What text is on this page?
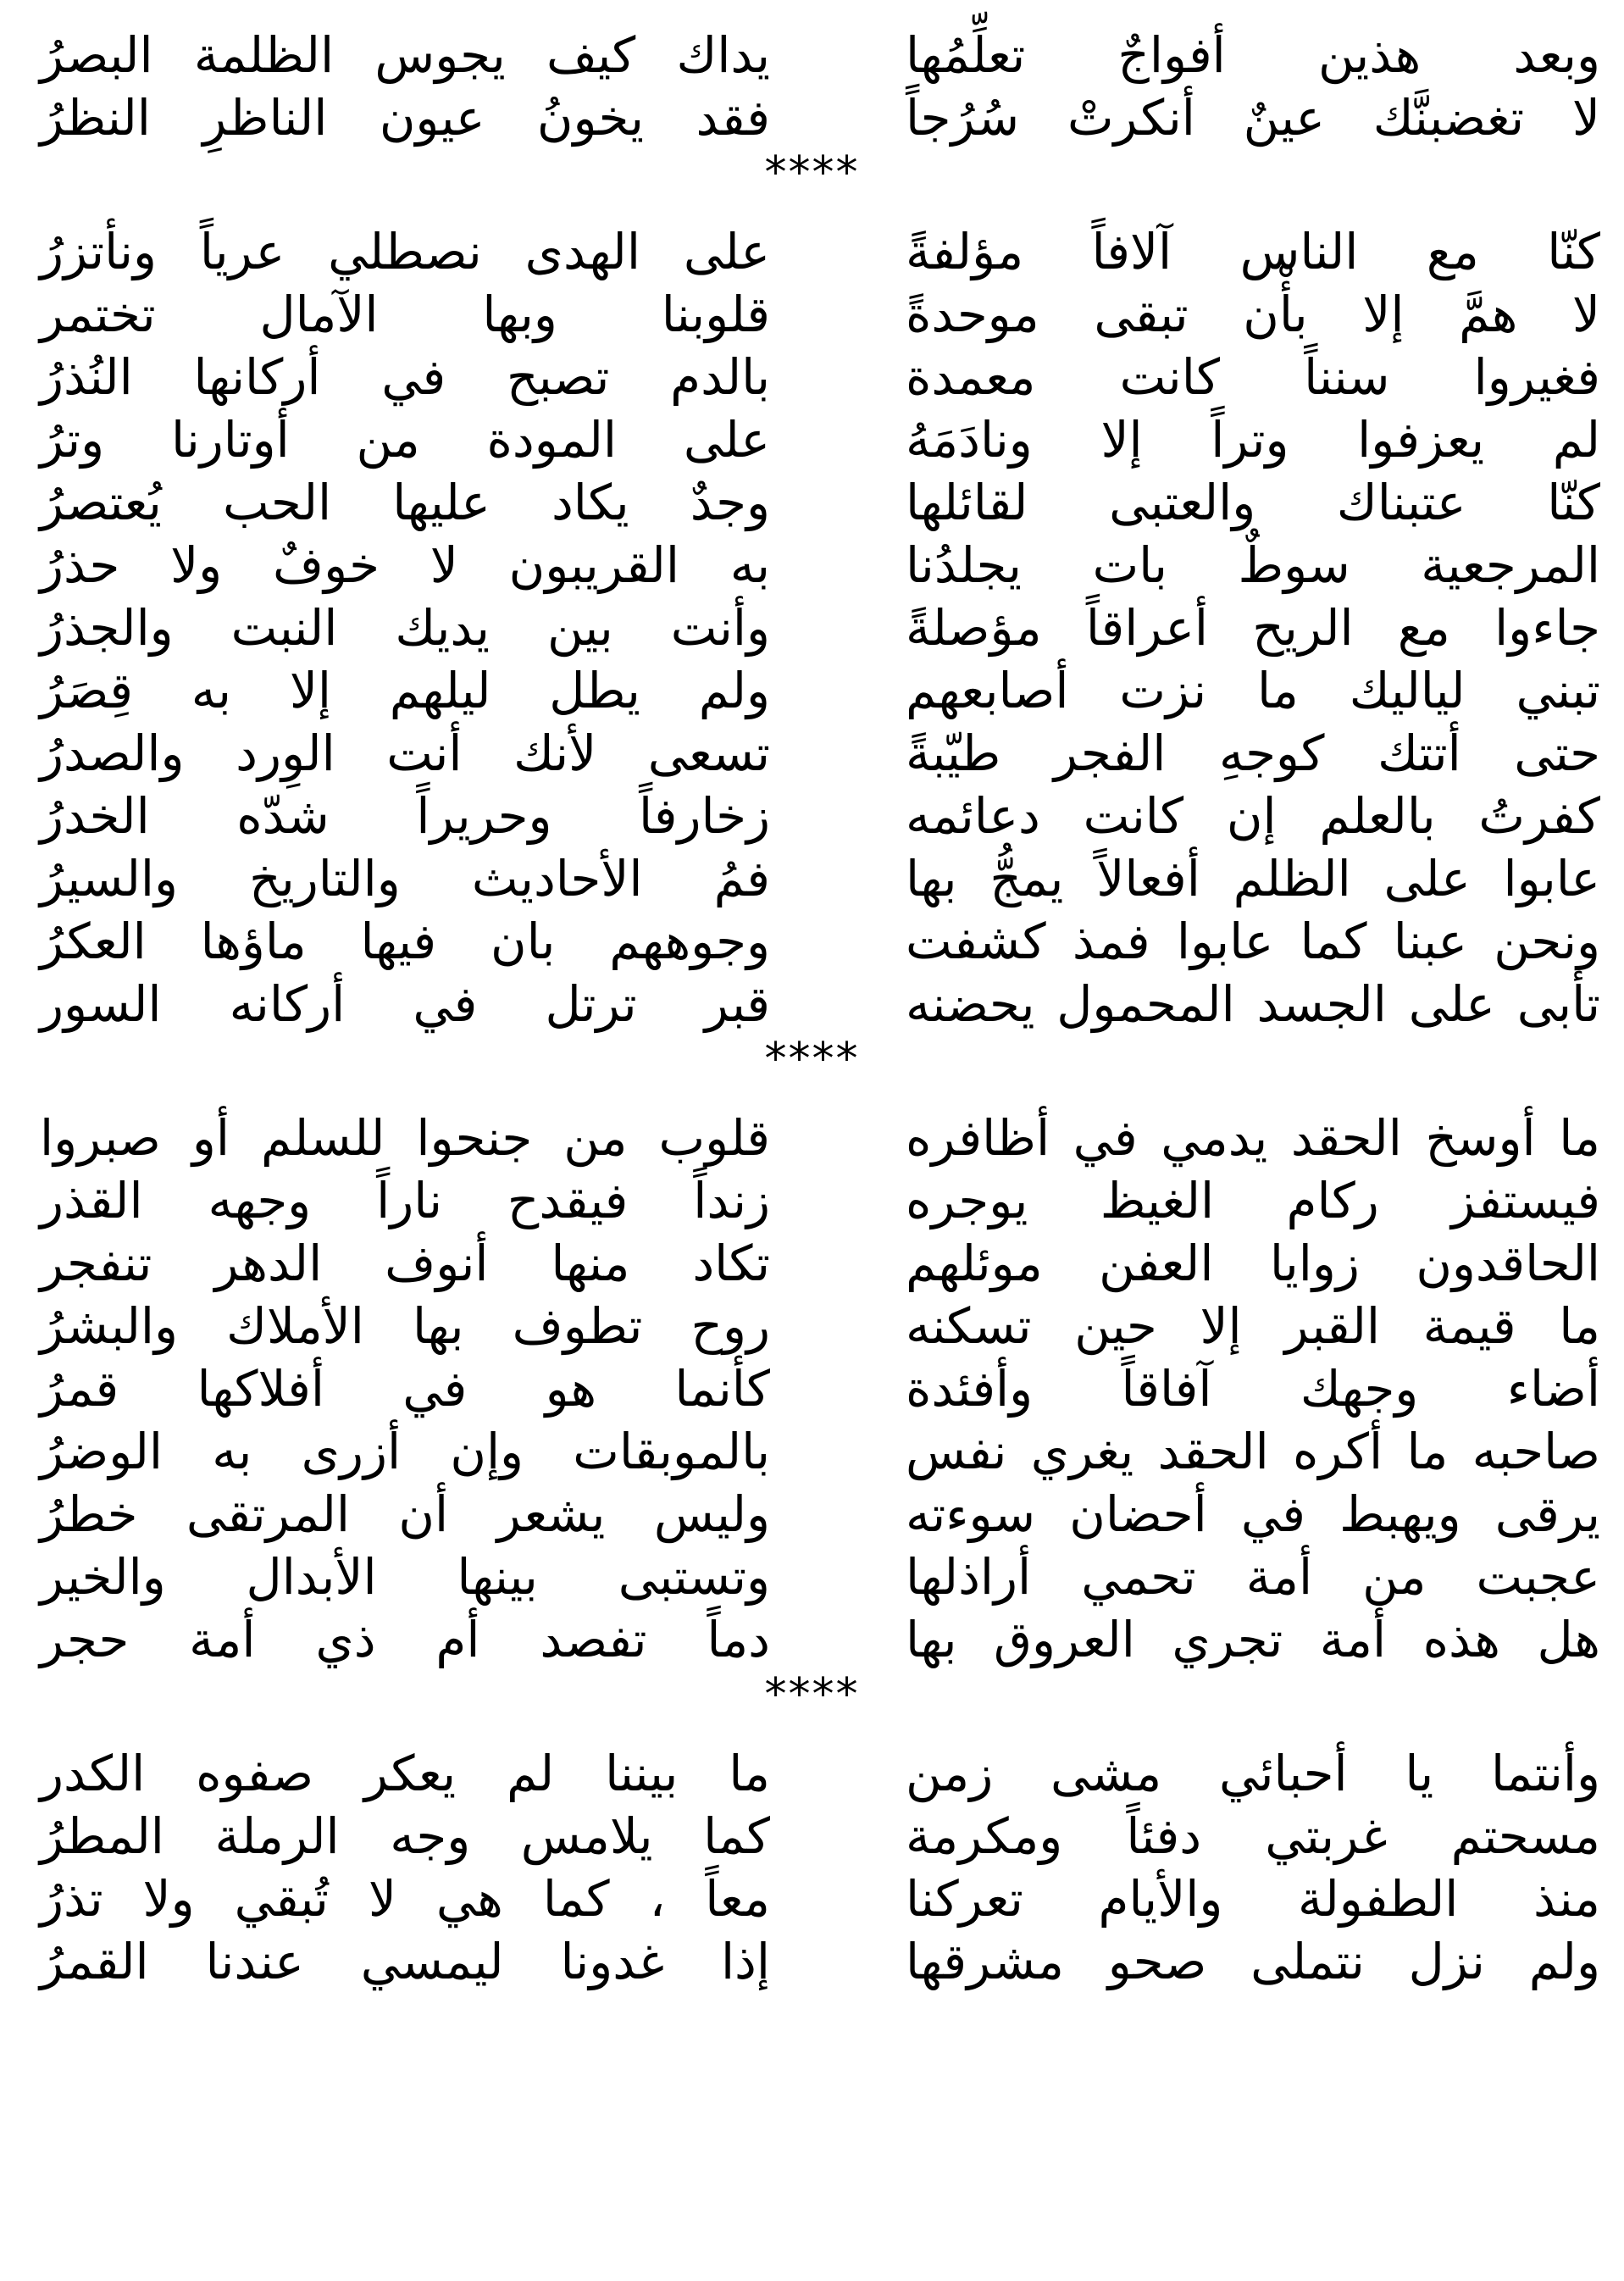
وبعد هذين أفواجٌ تعلِّمُها
يداك كيف يجوس الظلمة البصرُ
لا تغضبنَّك عينٌ أنكرتْ سُرُجاً
فقد يخونُ عيون الناظرِ النظرُ
****
كنّا مع الناس آلافاً مؤلفةً
على الهدى نصطلي عرياً ونأتزرُ
لا همَّ إلا بأْن تبقى موحدةً
قلوبنا وبها الآمال تختمر
فغيروا سنناً كانت معمدة
بالدم تصبح في أركانها النُذرُ
لم يعزفوا وتراً إلا ونادَمَهُ
على المودة من أوتارنا وترُ
كنّا عتبناك والعتبى لقائلها
وجدٌ يكاد عليها الحب يُعتصرُ
المرجعية سوطٌ بات يجلدُنا
به القريبون لا خوفٌ ولا حذرُ
جاءوا مع الريح أعراقاً مؤصلةً
وأنت بين يديك النبت والجذرُ
تبني لياليك ما نزت أصابعهم
ولم يطل ليلهم إلا به قِصَرُ
حتى أتتك كوجهِ الفجر طيّبةً
تسعى لأنك أنت الوِرد والصدرُ
كفرتُ بالعلم إن كانت دعائمه
زخارفاً وحريراً شدّه الخدرُ
عابوا على الظلم أفعالاً يمجُّ بها
فمُ الأحاديث والتاريخ والسيرُ
ونحن عبنا كما عابوا فمذ كشفت
وجوههم بان فيها ماؤها العكرُ
تأبى على الجسد المحمول يحضنه
قبر ترتل في أركانه السور
****
ما أوسخ الحقد يدمي في أظافره
قلوب من جنحوا للسلم أو صبروا
فيستفز ركام الغيظ يوجره
زنداً فيقدح ناراً وجهه القذر
الحاقدون زوايا العفن موئلهم
تكاد منها أنوف الدهر تنفجر
ما قيمة القبر إلا حين تسكنه
روح تطوف بها الأملاك والبشرُ
أضاء وجهك آفاقاً وأفئدة
كأنما هو في أفلاكها قمرُ
صاحبه ما أكره الحقد يغري نفس
بالموبقات وإن أزرى به الوضرُ
يرقى ويهبط في أحضان سوءته
وليس يشعر أن المرتقى خطرُ
عجبت من أمة تحمي أراذلها
وتستبى بينها الأبدال والخير
هل هذه أمة تجري العروق بها
دماً تفصد أم ذي أمة حجر
****
وأنتما يا أحبائي مشى زمن
ما بيننا لم يعكر صفوه الكدر
مسحتم غربتي دفئاً ومكرمة
كما يلامس وجه الرملة المطرُ
منذ الطفولة والأيام تعركنا
معاً ، كما هي لا تُبقي ولا تذرُ
ولم نزل نتملى صحو مشرقها
إذا غدونا ليمسي عندنا القمرُ
